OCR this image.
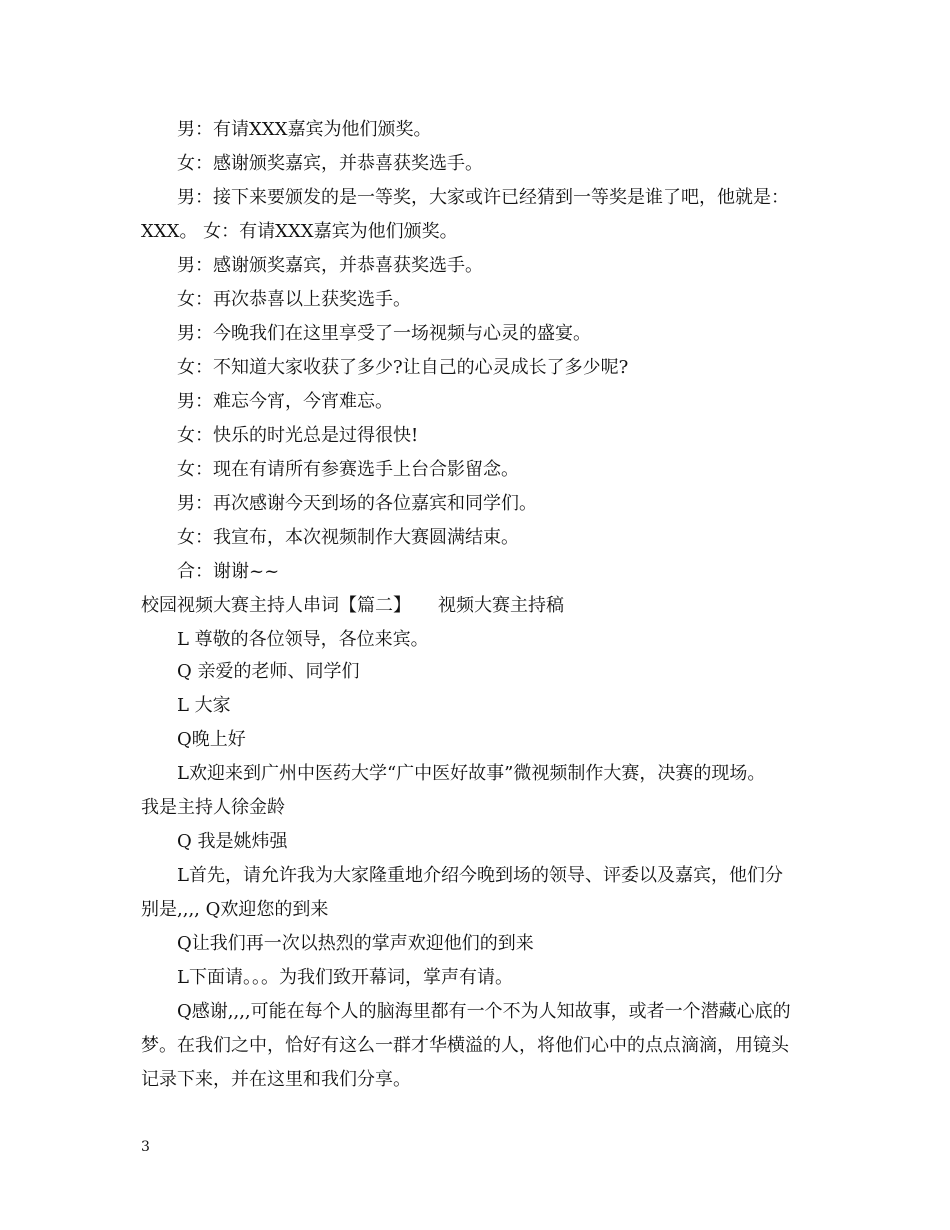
男：有请XXX嘉宾为他们颁奖。
女：感谢颁奖嘉宾，并恭喜获奖选手。
男：接下来要颁发的是一等奖，大家或许已经猜到一等奖是谁了吧，他就是：
XXX。 女：有请XXX嘉宾为他们颁奖。
男：感谢颁奖嘉宾，并恭喜获奖选手。
女：再次恭喜以上获奖选手。
男：今晚我们在这里享受了一场视频与心灵的盛宴。
女：不知道大家收获了多少?让自己的心灵成长了多少呢?
男：难忘今宵，今宵难忘。
女：快乐的时光总是过得很快!
女：现在有请所有参赛选手上台合影留念。
男：再次感谢今天到场的各位嘉宾和同学们。
女：我宣布，本次视频制作大赛圆满结束。
合：谢谢~~
校园视频大赛主持人串词【篇二】　　视频大赛主持稿
L 尊敬的各位领导，各位来宾。
Q 亲爱的老师、同学们
L 大家
Q晚上好
L欢迎来到广州中医药大学“广中医好故事”微视频制作大赛，决赛的现场。
我是主持人徐金龄
Q 我是姚炜强
L首先，请允许我为大家隆重地介绍今晚到场的领导、评委以及嘉宾，他们分
别是,,,, Q欢迎您的到来
Q让我们再一次以热烈的掌声欢迎他们的到来
L下面请。。。为我们致开幕词，掌声有请。
Q感谢,,,,可能在每个人的脑海里都有一个不为人知故事，或者一个潜藏心底的
梦。在我们之中，恰好有这么一群才华横溢的人，将他们心中的点点滴滴，用镜头
记录下来，并在这里和我们分享。
3
